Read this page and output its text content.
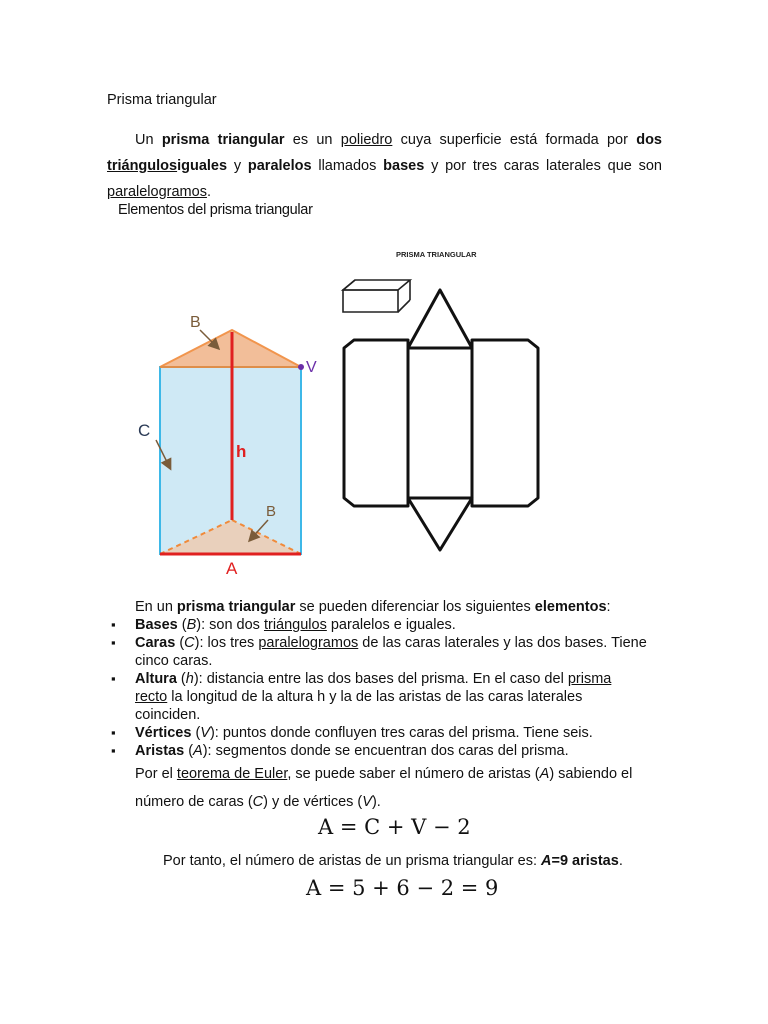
Prisma triangular
Un prisma triangular es un poliedro cuya superficie está formada por dos triángulosiguales y paralelos llamados bases y por tres caras laterales que son paralelogramos.
Elementos del prisma triangular
B
V
C
h
B
A
PRISMA TRIANGULAR
En un prisma triangular se pueden diferenciar los siguientes elementos:
▪ Bases (B): son dos triángulos paralelos e iguales.
▪ Caras (C): los tres paralelogramos de las caras laterales y las dos bases. Tiene cinco caras.
▪ Altura (h): distancia entre las dos bases del prisma. En el caso del prisma recto la longitud de la altura h y la de las aristas de las caras laterales coinciden.
▪ Vértices (V): puntos donde confluyen tres caras del prisma. Tiene seis.
▪ Aristas (A): segmentos donde se encuentran dos caras del prisma.
Por el teorema de Euler, se puede saber el número de aristas (A) sabiendo el
número de caras (C) y de vértices (V).
A = C + V − 2
Por tanto, el número de aristas de un prisma triangular es: A=9 aristas.
A = 5 + 6 − 2 = 9
